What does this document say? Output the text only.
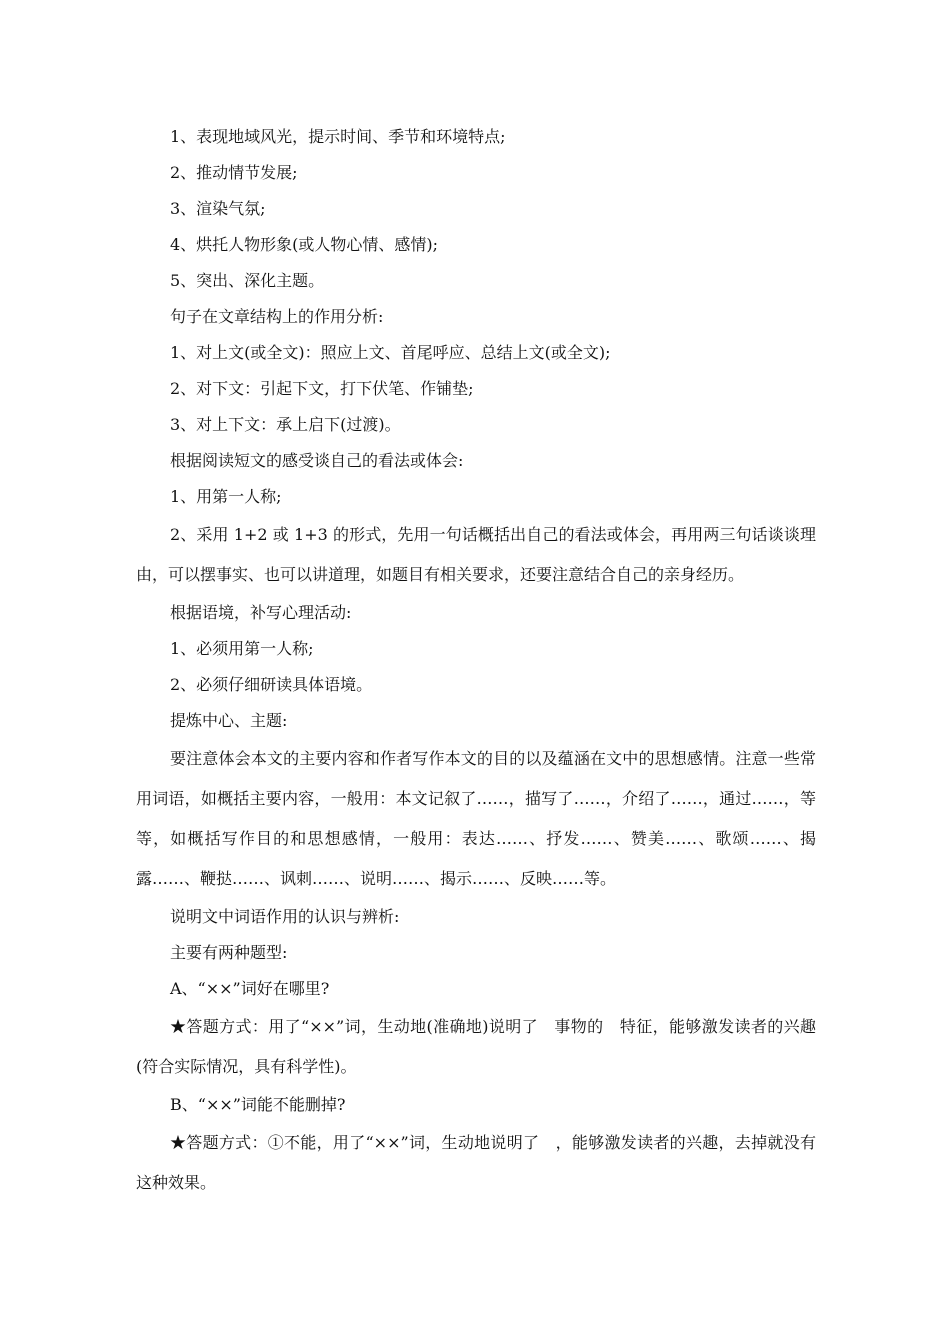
1、表现地域风光，提示时间、季节和环境特点;

2、推动情节发展;

3、渲染气氛;

4、烘托人物形象(或人物心情、感情);

5、突出、深化主题。

句子在文章结构上的作用分析:

1、对上文(或全文)：照应上文、首尾呼应、总结上文(或全文);

2、对下文：引起下文，打下伏笔、作铺垫;

3、对上下文：承上启下(过渡)。

根据阅读短文的感受谈自己的看法或体会:

1、用第一人称;

2、采用 1+2 或 1+3 的形式，先用一句话概括出自己的看法或体会，再用两三句话谈谈理由，可以摆事实、也可以讲道理，如题目有相关要求，还要注意结合自己的亲身经历。

根据语境，补写心理活动:

1、必须用第一人称;

2、必须仔细研读具体语境。

提炼中心、主题:

要注意体会本文的主要内容和作者写作本文的目的以及蕴涵在文中的思想感情。注意一些常用词语，如概括主要内容，一般用：本文记叙了……，描写了……，介绍了……，通过……，等等，如概括写作目的和思想感情，一般用：表达……、抒发……、赞美……、歌颂……、揭露……、鞭挞……、讽刺……、说明……、揭示……、反映……等。

说明文中词语作用的认识与辨析:

主要有两种题型:

A、“××”词好在哪里?

★答题方式：用了“××”词，生动地(准确地)说明了　事物的　特征，能够激发读者的兴趣(符合实际情况，具有科学性)。

B、“××”词能不能删掉?

★答题方式：①不能，用了“××”词，生动地说明了　，能够激发读者的兴趣，去掉就没有这种效果。
